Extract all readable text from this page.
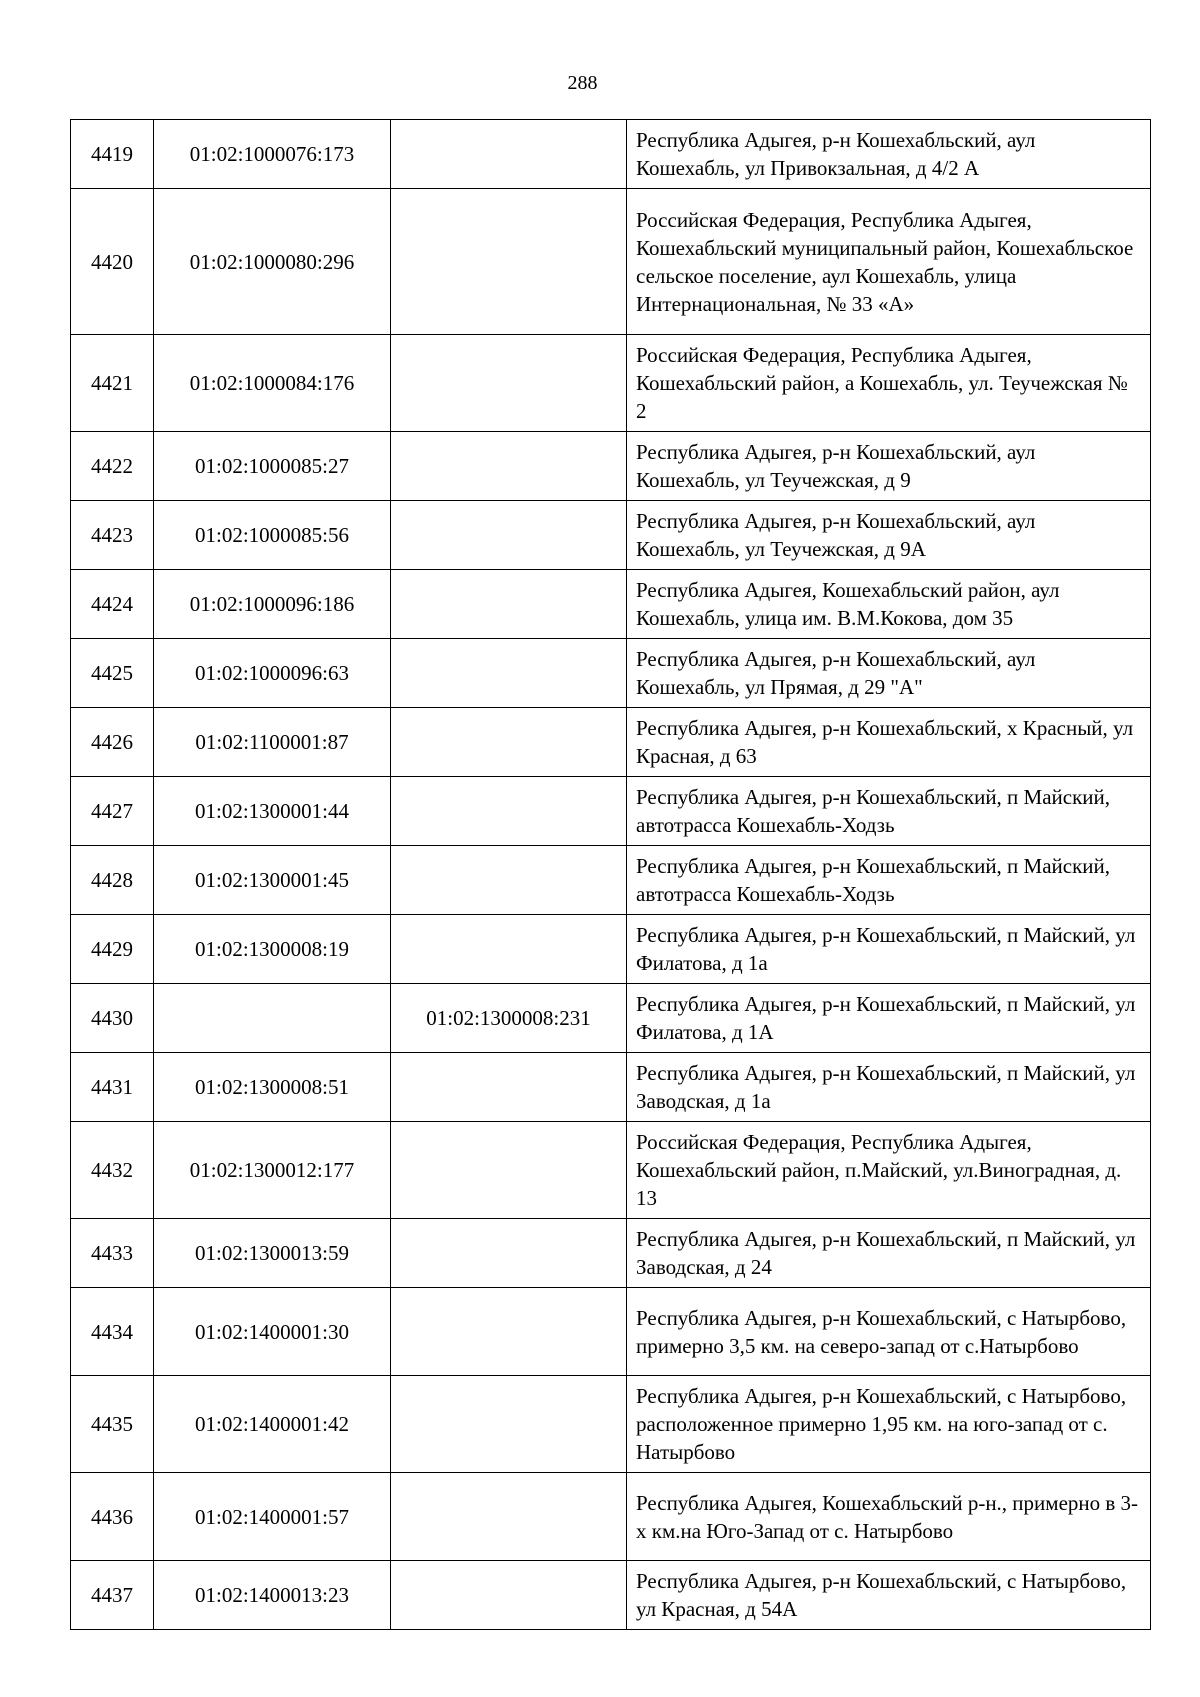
288
4419	01:02:1000076:173		Республика Адыгея, р-н Кошехабльский, аул Кошехабль, ул Привокзальная, д 4/2 А
4420	01:02:1000080:296		Российская Федерация, Республика Адыгея, Кошехабльский муниципальный район, Кошехабльское сельское поселение, аул Кошехабль, улица Интернациональная, № 33 «А»
4421	01:02:1000084:176		Российская Федерация, Республика Адыгея, Кошехабльский район, а Кошехабль, ул. Теучежская № 2
4422	01:02:1000085:27		Республика Адыгея, р-н Кошехабльский, аул Кошехабль, ул Теучежская, д 9
4423	01:02:1000085:56		Республика Адыгея, р-н Кошехабльский, аул Кошехабль, ул Теучежская, д 9А
4424	01:02:1000096:186		Республика Адыгея, Кошехабльский район, аул Кошехабль, улица им. В.М.Кокова, дом 35
4425	01:02:1000096:63		Республика Адыгея, р-н Кошехабльский, аул Кошехабль, ул Прямая, д 29 "А"
4426	01:02:1100001:87		Республика Адыгея, р-н Кошехабльский, х Красный, ул Красная, д 63
4427	01:02:1300001:44		Республика Адыгея, р-н Кошехабльский, п Майский, автотрасса Кошехабль-Ходзь
4428	01:02:1300001:45		Республика Адыгея, р-н Кошехабльский, п Майский, автотрасса Кошехабль-Ходзь
4429	01:02:1300008:19		Республика Адыгея, р-н Кошехабльский, п Майский, ул Филатова, д 1а
4430		01:02:1300008:231	Республика Адыгея, р-н Кошехабльский, п Майский, ул Филатова, д 1А
4431	01:02:1300008:51		Республика Адыгея, р-н Кошехабльский, п Майский, ул Заводская, д 1а
4432	01:02:1300012:177		Российская Федерация, Республика Адыгея, Кошехабльский район, п.Майский, ул.Виноградная, д. 13
4433	01:02:1300013:59		Республика Адыгея, р-н Кошехабльский, п Майский, ул Заводская, д 24
4434	01:02:1400001:30		Республика Адыгея, р-н Кошехабльский, с Натырбово, примерно 3,5 км. на северо-запад от с.Натырбово
4435	01:02:1400001:42		Республика Адыгея, р-н Кошехабльский, с Натырбово, расположенное примерно 1,95 км. на юго-запад от с. Натырбово
4436	01:02:1400001:57		Республика Адыгея, Кошехабльский р-н., примерно в 3-х км.на Юго-Запад от с. Натырбово
4437	01:02:1400013:23		Республика Адыгея, р-н Кошехабльский, с Натырбово, ул Красная, д 54А
